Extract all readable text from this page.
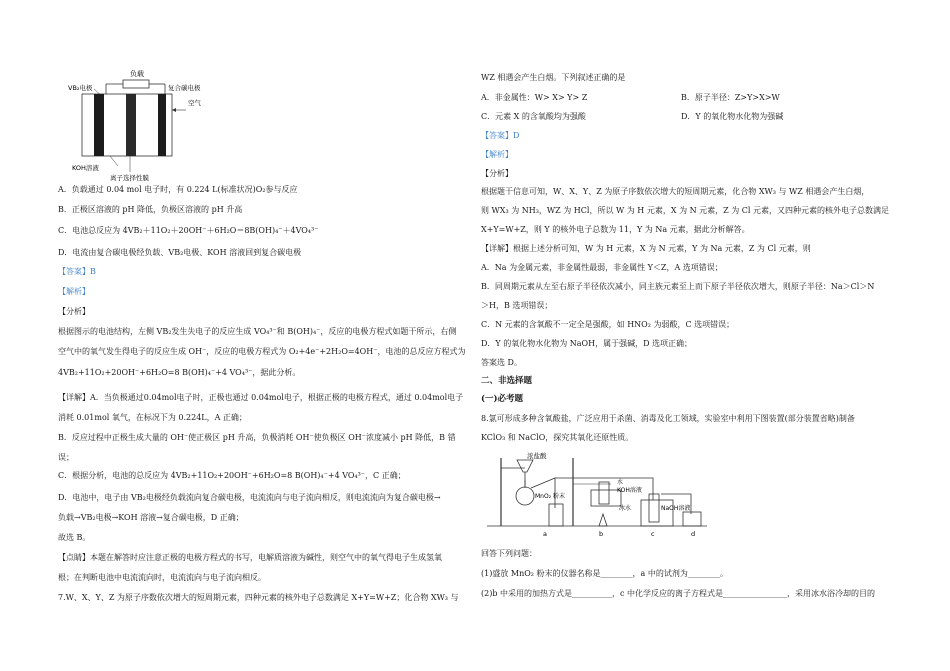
负载
VB₂电极	复合碳电极
空气
KOH溶液
离子选择性膜
A．负载通过 0.04 mol 电子时，有 0.224 L(标准状况)O₂参与反应
B．正极区溶液的 pH 降低，负极区溶液的 pH 升高
C．电池总反应为 4VB₂＋11O₂＋20OH⁻＋6H₂O＝8B(OH)₄⁻＋4VO₄³⁻
D．电流由复合碳电极经负载、VB₂电极、KOH 溶液回到复合碳电极
【答案】B
【解析】
【分析】
根据图示的电池结构，左侧 VB₂发生失电子的反应生成 VO₄³⁻和 B(OH)₄⁻，反应的电极方程式如题干所示，右侧
空气中的氧气发生得电子的反应生成 OH⁻，反应的电极方程式为 O₂+4e⁻+2H₂O=4OH⁻，电池的总反应方程式为
4VB₂+11O₂+20OH⁻+6H₂O=8 B(OH)₄⁻+4 VO₄³⁻，据此分析。
【详解】A．当负极通过0.04mol电子时，正极也通过 0.04mol电子，根据正极的电极方程式，通过 0.04mol电子
消耗 0.01mol 氧气，在标况下为 0.224L，A 正确；
B．反应过程中正极生成大量的 OH⁻使正极区 pH 升高，负极消耗 OH⁻使负极区 OH⁻浓度减小 pH 降低，B 错
误；
C．根据分析，电池的总反应为 4VB₂+11O₂+20OH⁻+6H₂O=8 B(OH)₄⁻+4 VO₄³⁻，C 正确；
D．电池中，电子由 VB₂电极经负载流向复合碳电极，电流流向与电子流向相反，则电流流向为复合碳电极→
负载→VB₂电极→KOH 溶液→复合碳电极，D 正确；
故选 B。
【点睛】本题在解答时应注意正极的电极方程式的书写，电解质溶液为碱性，则空气中的氧气得电子生成氢氧
根；在判断电池中电流流向时，电流流向与电子流向相反。
7.W、X、Y、Z 为原子序数依次增大的短周期元素，四种元素的核外电子总数满足 X+Y=W+Z；化合物 XW₃ 与
WZ 相遇会产生白烟。下列叙述正确的是
A．非金属性：W> X> Y> Z	B．原子半径：Z>Y>X>W
C．元素 X 的含氧酸均为强酸	D．Y 的氧化物水化物为强碱
【答案】D
【解析】
【分析】
根据题干信息可知，W、X、Y、Z 为原子序数依次增大的短周期元素，化合物 XW₃ 与 WZ 相遇会产生白烟，
则 WX₃ 为 NH₃，WZ 为 HCl，所以 W 为 H 元素，X 为 N 元素，Z 为 Cl 元素，又四种元素的核外电子总数满足
X+Y=W+Z，则 Y 的核外电子总数为 11，Y 为 Na 元素，据此分析解答。
【详解】根据上述分析可知，W 为 H 元素，X 为 N 元素，Y 为 Na 元素，Z 为 Cl 元素，则
A．Na 为金属元素，非金属性最弱，非金属性 Y＜Z，A 选项错误；
B．同周期元素从左至右原子半径依次减小，同主族元素至上而下原子半径依次增大，则原子半径：Na＞Cl＞N
＞H，B 选项错误；
C．N 元素的含氧酸不一定全是强酸，如 HNO₂ 为弱酸，C 选项错误；
D．Y 的氧化物水化物为 NaOH，属于强碱，D 选项正确；
答案选 D。
二、非选择题
(一)必考题
8.氯可形成多种含氧酸盐，广泛应用于杀菌、消毒及化工领域，实验室中利用下图装置(部分装置省略)制备
KClO₃ 和 NaClO，探究其氧化还原性质。
浓盐酸
MnO₂ 粉末
a
水
KOH溶液
b
冰水	NaOH溶液
c	d
回答下列问题：
(1)盛放 MnO₂ 粉末的仪器名称是________，a 中的试剂为________。
(2)b 中采用的加热方式是__________，c 中化学反应的离子方程式是________________，采用冰水浴冷却的目的
